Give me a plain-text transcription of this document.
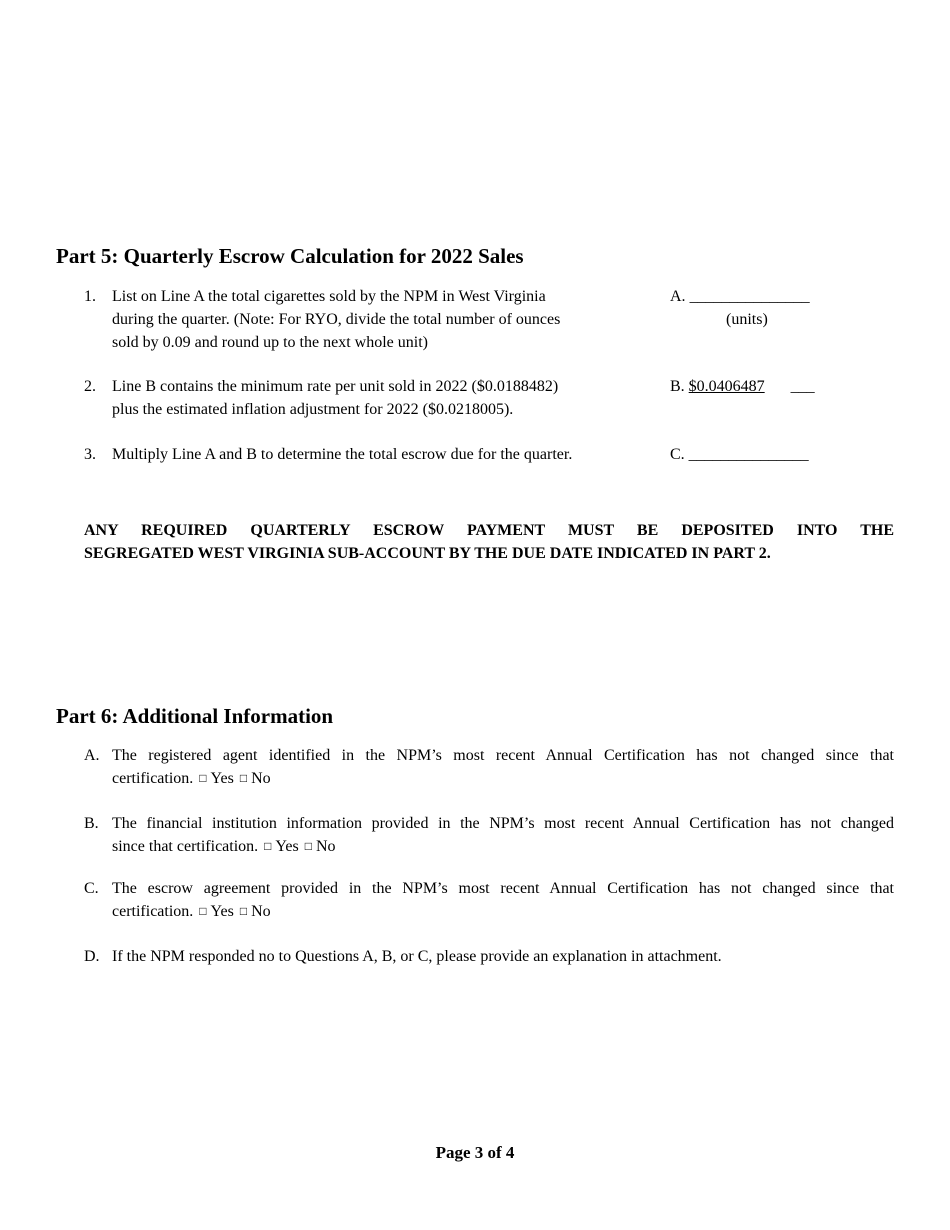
Part 5: Quarterly Escrow Calculation for 2022 Sales
1.	List on Line A the total cigarettes sold by the NPM in West Virginia
during the quarter. (Note: For RYO, divide the total number of ounces
sold by 0.09 and round up to the next whole unit)
A. _______________
(units)
2.	Line B contains the minimum rate per unit sold in 2022 ($0.0188482)
plus the estimated inflation adjustment for 2022 ($0.0218005).
B. $0.0406487 ___
3.	Multiply Line A and B to determine the total escrow due for the quarter.	C. _______________
ANY REQUIRED QUARTERLY ESCROW PAYMENT MUST BE DEPOSITED INTO THE
SEGREGATED WEST VIRGINIA SUB-ACCOUNT BY THE DUE DATE INDICATED IN PART 2.
Part 6: Additional Information
A. The registered agent identified in the NPM’s most recent Annual Certification has not changed since that
certification. □ Yes □ No
B. The financial institution information provided in the NPM’s most recent Annual Certification has not changed
since that certification. □ Yes □ No
C. The escrow agreement provided in the NPM’s most recent Annual Certification has not changed since that
certification. □ Yes □ No
D. If the NPM responded no to Questions A, B, or C, please provide an explanation in attachment.
Page 3 of 4
